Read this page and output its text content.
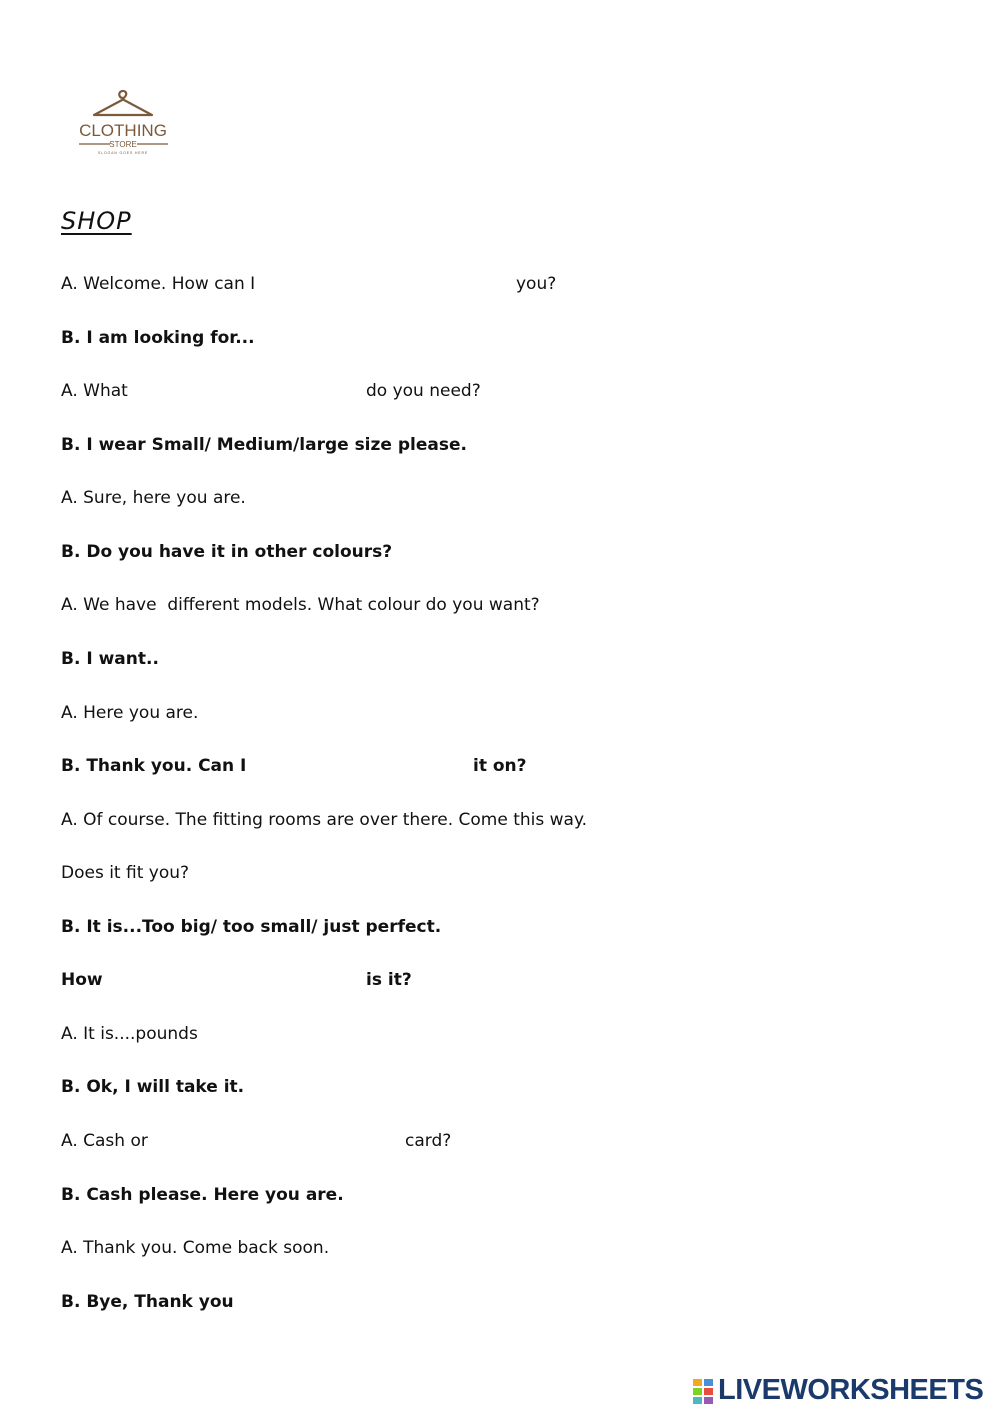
CLOTHING
STORE
SLOGAN GOES HERE
SHOP
A. Welcome. How can I	you?
B. I am looking for...
A. What	do you need?
B. I wear Small/ Medium/large size please.
A. Sure, here you are.
B. Do you have it in other colours?
A. We have  different models. What colour do you want?
B. I want..
A. Here you are.
B. Thank you. Can I	it on?
A. Of course. The fitting rooms are over there. Come this way.
Does it fit you?
B. It is...Too big/ too small/ just perfect.
How	is it?
A. It is....pounds
B. Ok, I will take it.
A. Cash or	card?
B. Cash please. Here you are.
A. Thank you. Come back soon.
B. Bye, Thank you
LIVEWORKSHEETS
